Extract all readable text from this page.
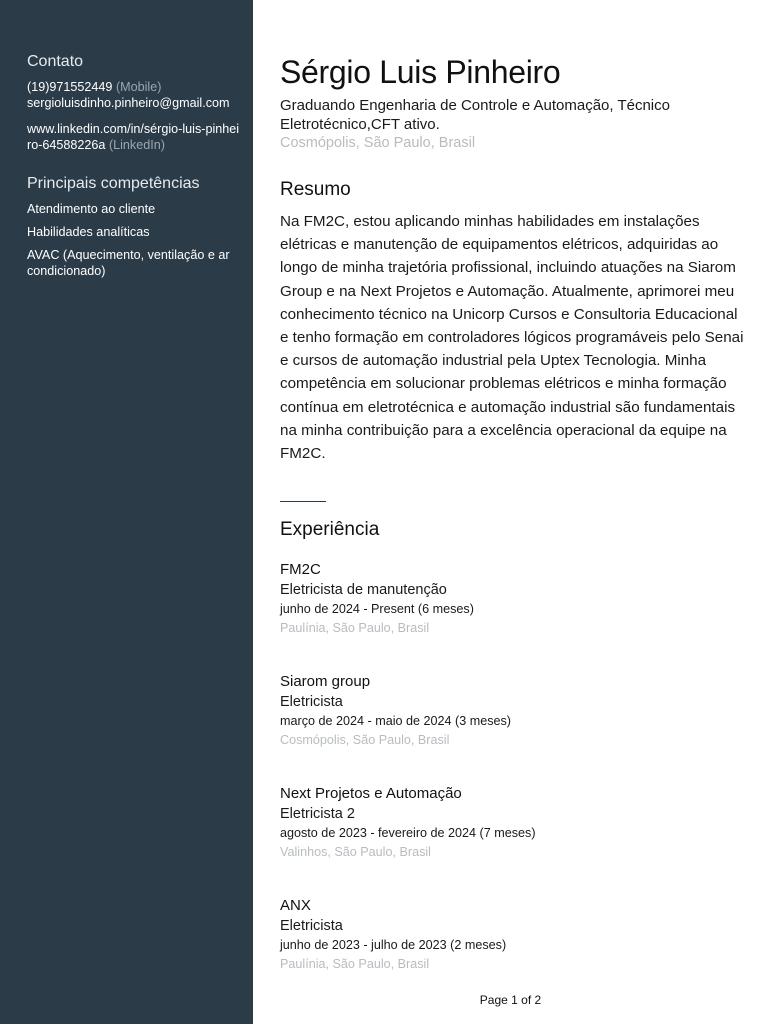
Contato
(19)971552449 (Mobile)
sergioluisdinho.pinheiro@gmail.com
www.linkedin.com/in/sérgio-luis-pinheiro-64588226a (LinkedIn)
Principais competências
Atendimento ao cliente
Habilidades analíticas
AVAC (Aquecimento, ventilação e ar condicionado)
Sérgio Luis Pinheiro

Graduando Engenharia de Controle e Automação, Técnico Eletrotécnico,CFT ativo.

Cosmópolis, São Paulo, Brasil

Resumo

Na FM2C, estou aplicando minhas habilidades em instalações elétricas e manutenção de equipamentos elétricos, adquiridas ao longo de minha trajetória profissional, incluindo atuações na Siarom Group e na Next Projetos e Automação. Atualmente, aprimorei meu conhecimento técnico na Unicorp Cursos e Consultoria Educacional e tenho formação em controladores lógicos programáveis pelo Senai e cursos de automação industrial pela Uptex Tecnologia. Minha competência em solucionar problemas elétricos e minha formação contínua em eletrotécnica e automação industrial são fundamentais na minha contribuição para a excelência operacional da equipe na FM2C.

Experiência
FM2C
Eletricista de manutenção
junho de 2024 - Present (6 meses)
Paulínia, São Paulo, Brasil
Siarom group
Eletricista
março de 2024 - maio de 2024 (3 meses)
Cosmópolis, São Paulo, Brasil
Next Projetos e Automação
Eletricista 2
agosto de 2023 - fevereiro de 2024 (7 meses)
Valinhos, São Paulo, Brasil
ANX
Eletricista
junho de 2023 - julho de 2023 (2 meses)
Paulínia, São Paulo, Brasil
Page 1 of 2
